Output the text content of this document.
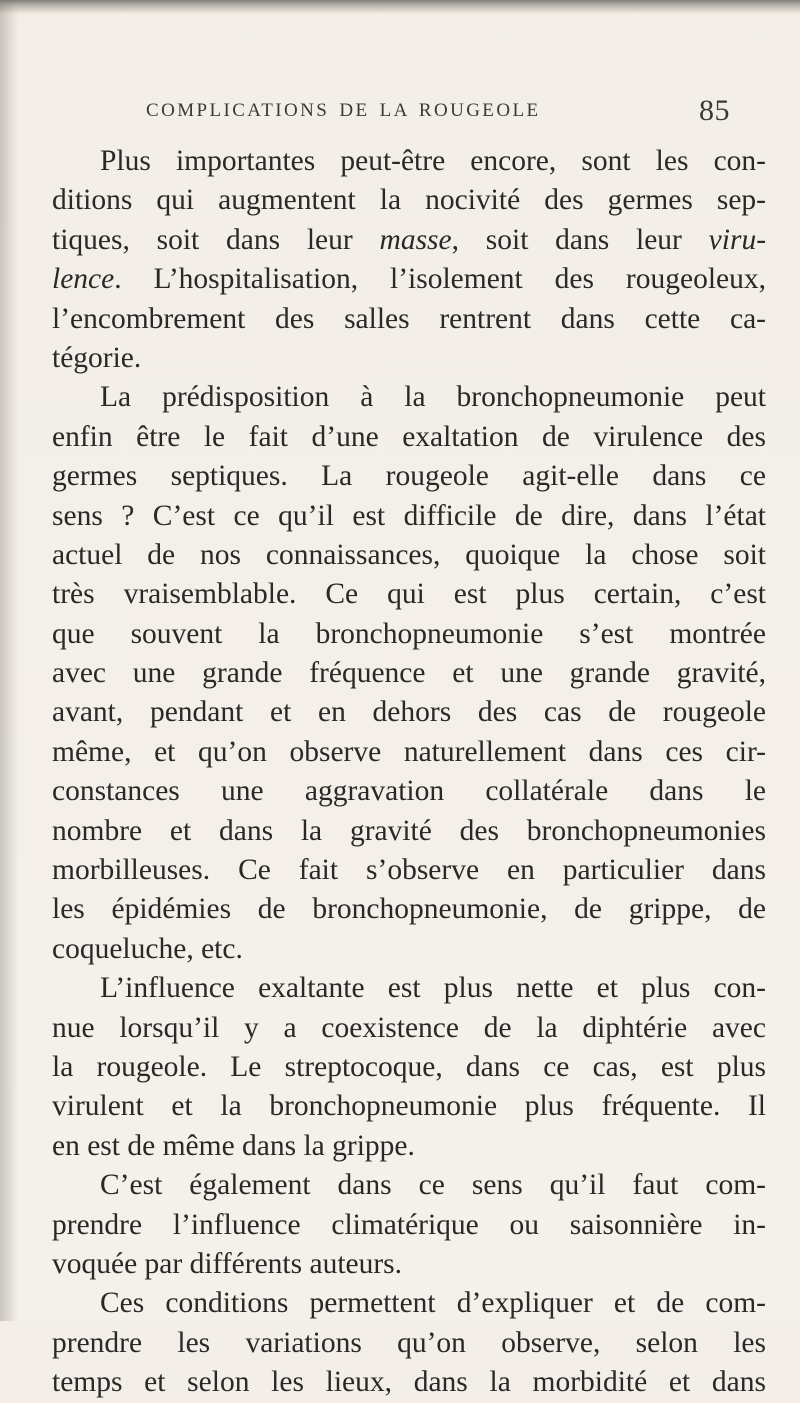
COMPLICATIONS DE LA ROUGEOLE	85
Plus importantes peut-être encore, sont les con-
ditions qui augmentent la nocivité des germes sep-
tiques, soit dans leur masse, soit dans leur viru-
lence. L’hospitalisation, l’isolement des rougeoleux,
l’encombrement des salles rentrent dans cette ca-
tégorie.
La prédisposition à la bronchopneumonie peut
enfin être le fait d’une exaltation de virulence des
germes septiques. La rougeole agit-elle dans ce
sens ? C’est ce qu’il est difficile de dire, dans l’état
actuel de nos connaissances, quoique la chose soit
très vraisemblable. Ce qui est plus certain, c’est
que souvent la bronchopneumonie s’est montrée
avec une grande fréquence et une grande gravité,
avant, pendant et en dehors des cas de rougeole
même, et qu’on observe naturellement dans ces cir-
constances une aggravation collatérale dans le
nombre et dans la gravité des bronchopneumonies
morbilleuses. Ce fait s’observe en particulier dans
les épidémies de bronchopneumonie, de grippe, de
coqueluche, etc.
L’influence exaltante est plus nette et plus con-
nue lorsqu’il y a coexistence de la diphtérie avec
la rougeole. Le streptocoque, dans ce cas, est plus
virulent et la bronchopneumonie plus fréquente. Il
en est de même dans la grippe.
C’est également dans ce sens qu’il faut com-
prendre l’influence climatérique ou saisonnière in-
voquée par différents auteurs.
Ces conditions permettent d’expliquer et de com-
prendre les variations qu’on observe, selon les
temps et selon les lieux, dans la morbidité et dans
